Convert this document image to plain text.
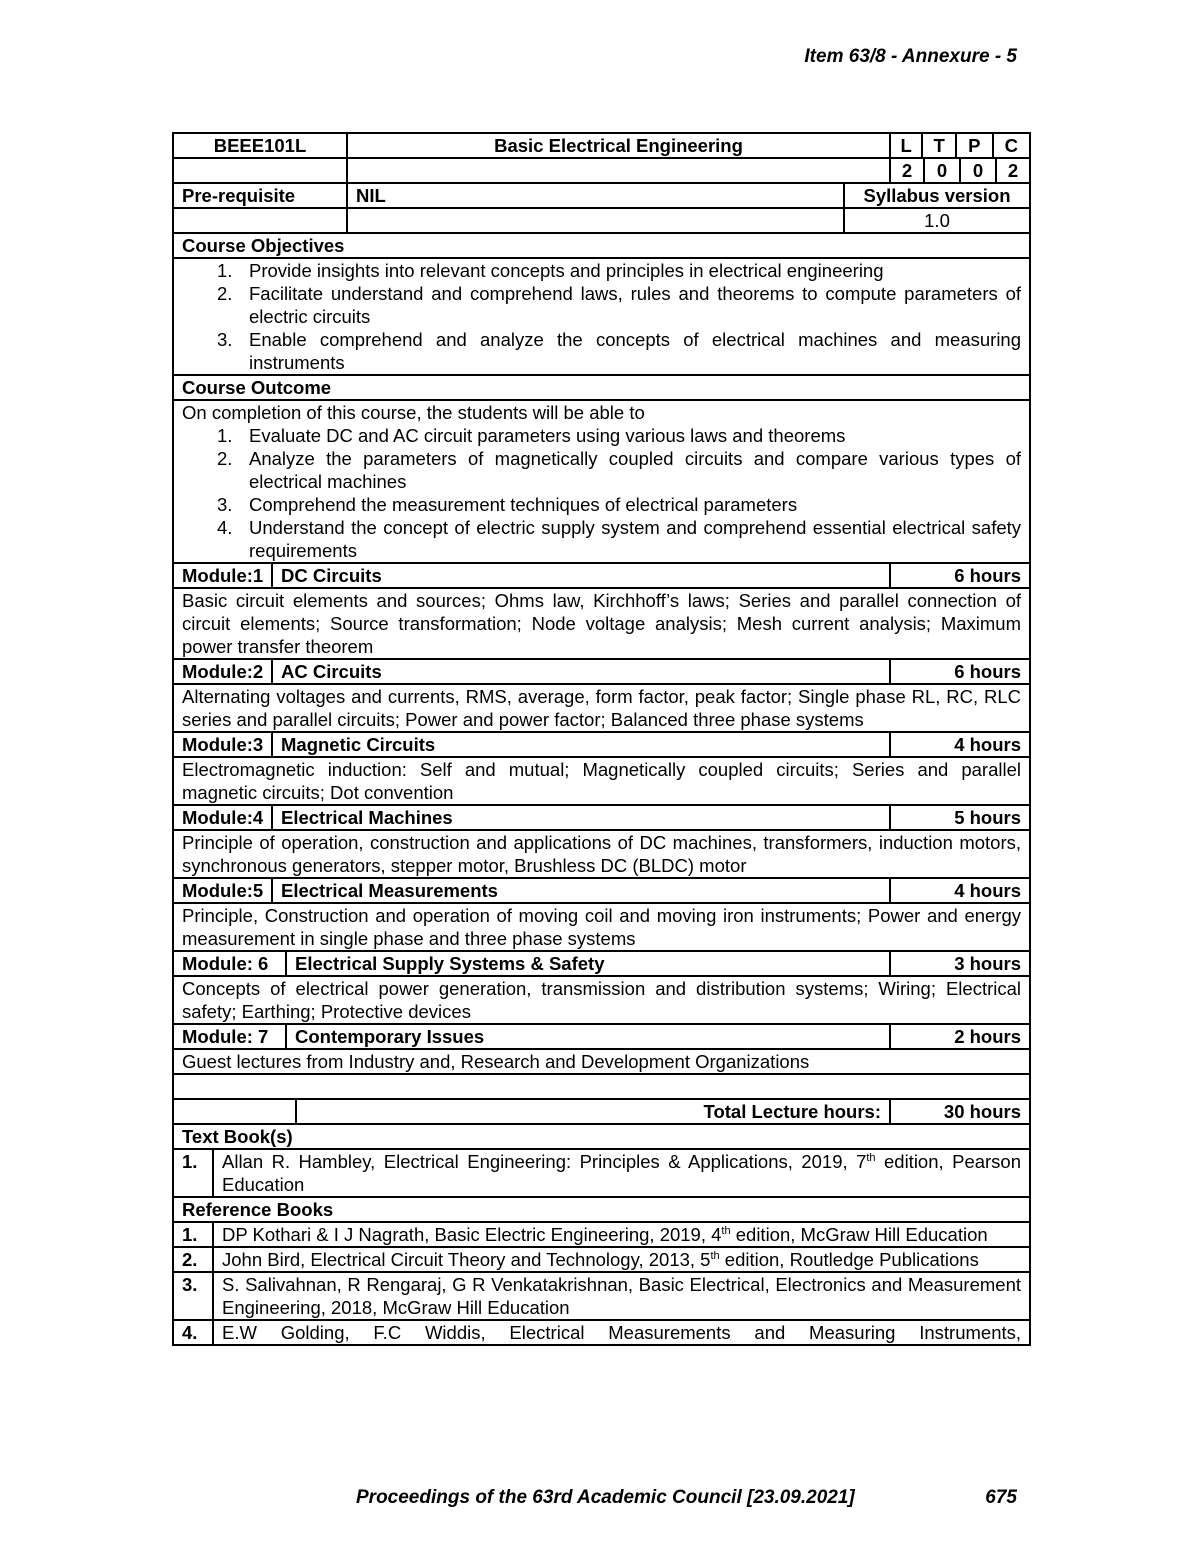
Item 63/8 - Annexure - 5
BEEE101L	Basic Electrical Engineering		L	T	P	C

2	0	0	2

Pre-requisite	NIL	Syllabus version
		1.0
Course Objectives

1. Provide insights into relevant concepts and principles in electrical engineering
2. Facilitate understand and comprehend laws, rules and theorems to compute parameters of electric circuits
3. Enable comprehend and analyze the concepts of electrical machines and measuring instruments

Course Outcome

On completion of this course, the students will be able to
1. Evaluate DC and AC circuit parameters using various laws and theorems
2. Analyze the parameters of magnetically coupled circuits and compare various types of electrical machines
3. Comprehend the measurement techniques of electrical parameters
4. Understand the concept of electric supply system and comprehend essential electrical safety requirements

Module:1 DC Circuits	6 hours

Basic circuit elements and sources; Ohms law, Kirchhoff’s laws; Series and parallel connection of circuit elements; Source transformation; Node voltage analysis; Mesh current analysis; Maximum power transfer theorem

Module:2 AC Circuits	6 hours

Alternating voltages and currents, RMS, average, form factor, peak factor; Single phase RL, RC, RLC series and parallel circuits; Power and power factor; Balanced three phase systems

Module:3 Magnetic Circuits	4 hours

Electromagnetic induction: Self and mutual; Magnetically coupled circuits; Series and parallel magnetic circuits; Dot convention

Module:4 Electrical Machines	5 hours

Principle of operation, construction and applications of DC machines, transformers, induction motors, synchronous generators, stepper motor, Brushless DC (BLDC) motor

Module:5 Electrical Measurements	4 hours

Principle, Construction and operation of moving coil and moving iron instruments; Power and energy measurement in single phase and three phase systems

Module: 6	Electrical Supply Systems & Safety	3 hours

Concepts of electrical power generation, transmission and distribution systems; Wiring; Electrical safety; Earthing; Protective devices

Module: 7	Contemporary Issues	2 hours

Guest lectures from Industry and, Research and Development Organizations

Total Lecture hours:	30 hours

Text Book(s)

1.	Allan R. Hambley, Electrical Engineering: Principles & Applications, 2019, 7th edition, Pearson Education

Reference Books

1.	DP Kothari & I J Nagrath, Basic Electric Engineering, 2019, 4th edition, McGraw Hill Education

2.	John Bird, Electrical Circuit Theory and Technology, 2013, 5th edition, Routledge Publications

3.	S. Salivahnan, R Rengaraj, G R Venkatakrishnan, Basic Electrical, Electronics and Measurement Engineering, 2018, McGraw Hill Education

4.	E.W Golding, F.C Widdis, Electrical Measurements and Measuring Instruments,
Proceedings of the 63rd Academic Council [23.09.2021]	675
